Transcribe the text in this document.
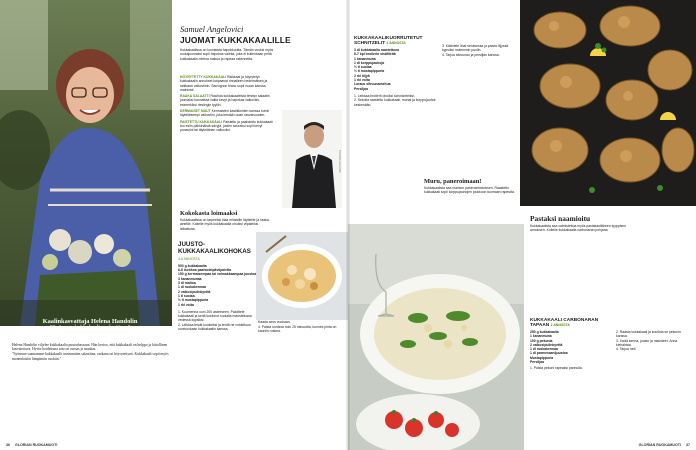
Kaalinkasvattaja Helena Handolin
"Syömme kukkakaalin salaattina."

Helena Handolin viljelee kukkakaalia puutarhassaan. Hän kertoo, että kukkakaali on helppo ja kiitollinen kasvatettava. Hyvin hoidettuna sato on runsas ja maukas.
"Syömme saamamme kukkakaalit useimmiten salaattina, raakana tai höyrytettynä. Kukkakaali sopii myös monenlaisiin lämpimiin ruokiin."

Samuel Angelovici
JUOMAT KUKKAKAALILLE
Kukkakaalissa on luontaista hapokkuutta. Tämän vuoksi myös ruokajuomaksi sopii hapokas valinta, joka ei kuitenkaan peitä kukkakaalin mietoa makua ja rapeaa rakennetta.
HÖYRYTETTY KUKKAKAALI Raikkaat ja höyrytetyt kukkakaalin annokset kaipaavat rinnalleen hedelmäisen ja raikkaan valkoviinin. Sauvignon blanc sopii ruoan kanssa mainiosti.
RAAKA SALAATTI Raa'ista kukkakaaleista tehdyn salaatin juomaksi kannattaa valita kevyt ja hapokas valkoviini, esimerkiksi rieslingin tyyliin.
KERMAISET MAUT Kermaisten kastikkeiden kanssa toimii täyteläisempi valkoviini, joka kestää ruoan rasvaisuuden.
PAISTETTU KUKKAKAALI Paistettu ja paahdettu kukkakaali tuo esiin pähkinäisiä sävyjä, joiden seuraksi sopii kevyt punaviini tai täyteläinen valkoviini.
TORNIKE GOLADZE
Kokokasta loimaaksi
Kukkakaalissa on tarpeeksi tilaa erilaisille täytteille ja raaka-aineille. Kokeile myös kukkakaalia ohuiksi viipaleiksi leikattuna.
JUUSTO-KUKKAKAALIKOHOKAS
4-6 ANNOSTA
500 g kukkakaalia
6-8 isohkoa paahtoleipäviipaletta
150 g kermaisempaa tai voimakkaampaa juustoa
3 kananmunaa
3 dl maitoa
1 dl ruokakermaa
2 valkosipulinkynttä
1 tl suolaa
½ tl mustapippuria
1 rkl voita

1. Kuumenna uuni 200 asteeseen. Paloittele kukkakaali ja keitä kukinnot suolalla maustetussa vedessä kypsiksi.

2. Leikkaa leivät kuutioiksi ja levitä ne voideltuun uunivuokaan kukkakaalin kanssa.

Kaada seos vuokaan.

4. Paista uunissa noin 25 minuuttia, kunnes pinta on kauniin ruskea.

36 GLORIAN RUOKAMUOTI
KUKKAKAALIKUORRUTETUT SCHNITZELIT 4 ANNOSTA
3 dl kukkakaalia raastettuna
6-7 kpl broilerin sisäfileitä
1 kananmuna
1 dl korppujauhoja
½ tl suolaa
½ tl mustapippuria
2 rkl öljyä
1 rkl voita
Loraus sitruunamehua
Persiljaa

1. Leikkaa broilerit ohuiksi schnitzeleiksi.

2. Sekoita raastettu kukkakaali, munat ja korppujauhot keskenään.

3. Kääntele lihat seoksessa ja paista öljyssä kypsiksi molemmin puolin.

4. Tarjoa sitruunan ja persiljan kanssa.

Muru, paneroimaan!
Kukkakaalista saa mainion panerointiseoksen. Raastettu kukkakaali sopii korppujauhojen joukkoon tuomaan rapeutta.
Pastaksi naamioitu
Kukkakaalista saa valmistettua myös pastakastikkeen tyyppisen annoksen. Kokeile kukkakaalia carbonaran pohjana.
KUKKAKAALI CARBONARAN TAPAAN 2 ANNOSTA
250 g kukkakaalia
1 kananmuna
100 g pekonia
2 valkosipulinkynttä
1 dl ruokakermaa
1 dl parmesaanijuustoa
Mustapippuria
Persiljaa

1. Paista pekoni rapeaksi pannulla.

2. Raasta kukkakaali ja kuullota se pekonin kanssa.

3. Lisää kerma, juusto ja mausteet. Anna kiehahtaa.

4. Tarjoa heti.

GLORIAN RUOKAMUOTI 37
